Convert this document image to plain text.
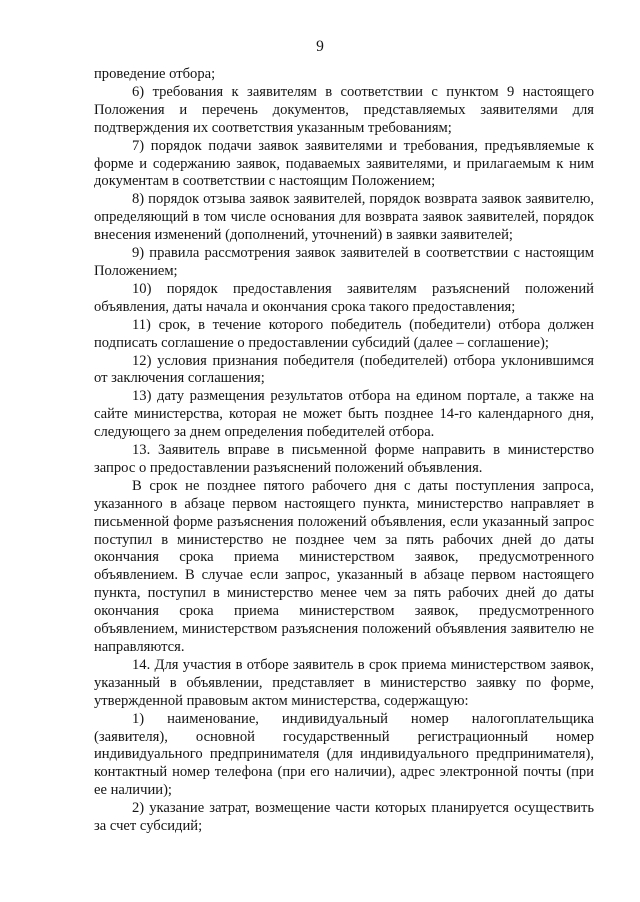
9

проведение отбора;

6) требования к заявителям в соответствии с пунктом 9 настоящего Положения и перечень документов, представляемых заявителями для подтверждения их соответствия указанным требованиям;

7) порядок подачи заявок заявителями и требования, предъявляемые к форме и содержанию заявок, подаваемых заявителями, и прилагаемым к ним документам в соответствии с настоящим Положением;

8) порядок отзыва заявок заявителей, порядок возврата заявок заявителю, определяющий в том числе основания для возврата заявок заявителей, порядок внесения изменений (дополнений, уточнений) в заявки заявителей;

9) правила рассмотрения заявок заявителей в соответствии с настоящим Положением;

10) порядок предоставления заявителям разъяснений положений объявления, даты начала и окончания срока такого предоставления;

11) срок, в течение которого победитель (победители) отбора должен подписать соглашение о предоставлении субсидий (далее – соглашение);

12) условия признания победителя (победителей) отбора уклонившимся от заключения соглашения;

13) дату размещения результатов отбора на едином портале, а также на сайте министерства, которая не может быть позднее 14-го календарного дня, следующего за днем определения победителей отбора.

13. Заявитель вправе в письменной форме направить в министерство запрос о предоставлении разъяснений положений объявления.

В срок не позднее пятого рабочего дня с даты поступления запроса, указанного в абзаце первом настоящего пункта, министерство направляет в письменной форме разъяснения положений объявления, если указанный запрос поступил в министерство не позднее чем за пять рабочих дней до даты окончания срока приема министерством заявок, предусмотренного объявлением. В случае если запрос, указанный в абзаце первом настоящего пункта, поступил в министерство менее чем за пять рабочих дней до даты окончания срока приема министерством заявок, предусмотренного объявлением, министерством разъяснения положений объявления заявителю не направляются.

14. Для участия в отборе заявитель в срок приема министерством заявок, указанный в объявлении, представляет в министерство заявку по форме, утвержденной правовым актом министерства, содержащую:

1) наименование, индивидуальный номер налогоплательщика (заявителя), основной государственный регистрационный номер индивидуального предпринимателя (для индивидуального предпринимателя), контактный номер телефона (при его наличии), адрес электронной почты (при ее наличии);

2) указание затрат, возмещение части которых планируется осуществить за счет субсидий;
